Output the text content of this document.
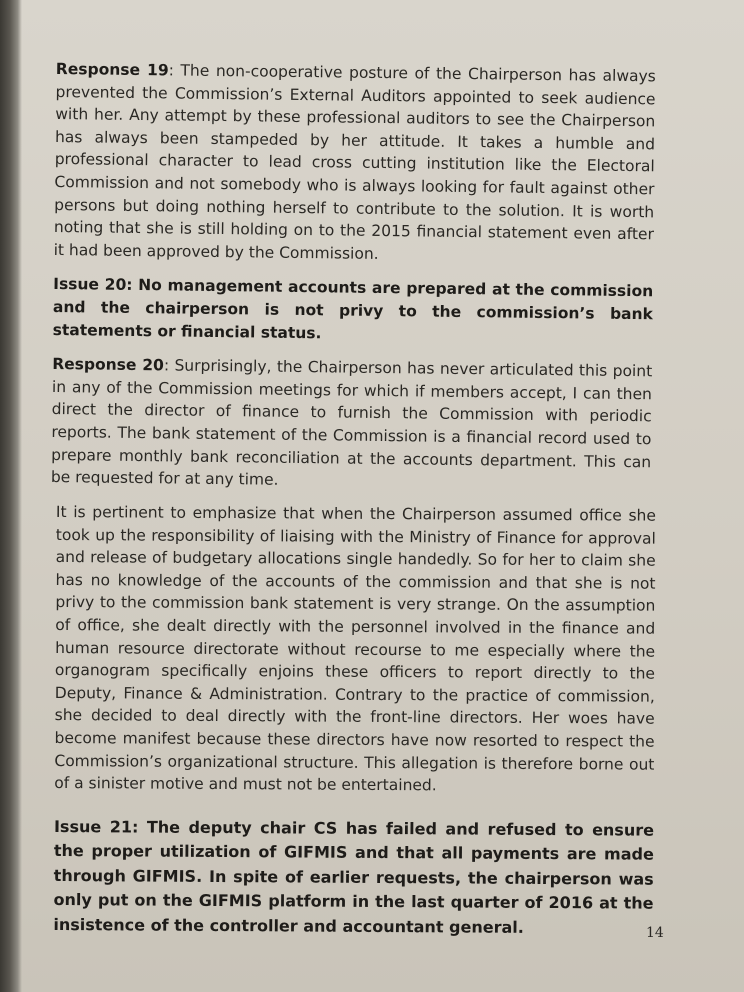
Response 19: The non-cooperative posture of the Chairperson has always prevented the Commission’s External Auditors appointed to seek audience with her. Any attempt by these professional auditors to see the Chairperson has always been stampeded by her attitude. It takes a humble and professional character to lead cross cutting institution like the Electoral Commission and not somebody who is always looking for fault against other persons but doing nothing herself to contribute to the solution. It is worth noting that she is still holding on to the 2015 financial statement even after it had been approved by the Commission.

Issue 20: No management accounts are prepared at the commission and the chairperson is not privy to the commission’s bank statements or financial status.

Response 20: Surprisingly, the Chairperson has never articulated this point in any of the Commission meetings for which if members accept, I can then direct the director of finance to furnish the Commission with periodic reports. The bank statement of the Commission is a financial record used to prepare monthly bank reconciliation at the accounts department. This can be requested for at any time.

It is pertinent to emphasize that when the Chairperson assumed office she took up the responsibility of liaising with the Ministry of Finance for approval and release of budgetary allocations single handedly. So for her to claim she has no knowledge of the accounts of the commission and that she is not privy to the commission bank statement is very strange. On the assumption of office, she dealt directly with the personnel involved in the finance and human resource directorate without recourse to me especially where the organogram specifically enjoins these officers to report directly to the Deputy, Finance & Administration. Contrary to the practice of commission, she decided to deal directly with the front-line directors. Her woes have become manifest because these directors have now resorted to respect the Commission’s organizational structure. This allegation is therefore borne out of a sinister motive and must not be entertained.

Issue 21: The deputy chair CS has failed and refused to ensure the proper utilization of GIFMIS and that all payments are made through GIFMIS. In spite of earlier requests, the chairperson was only put on the GIFMIS platform in the last quarter of 2016 at the insistence of the controller and accountant general.	14
